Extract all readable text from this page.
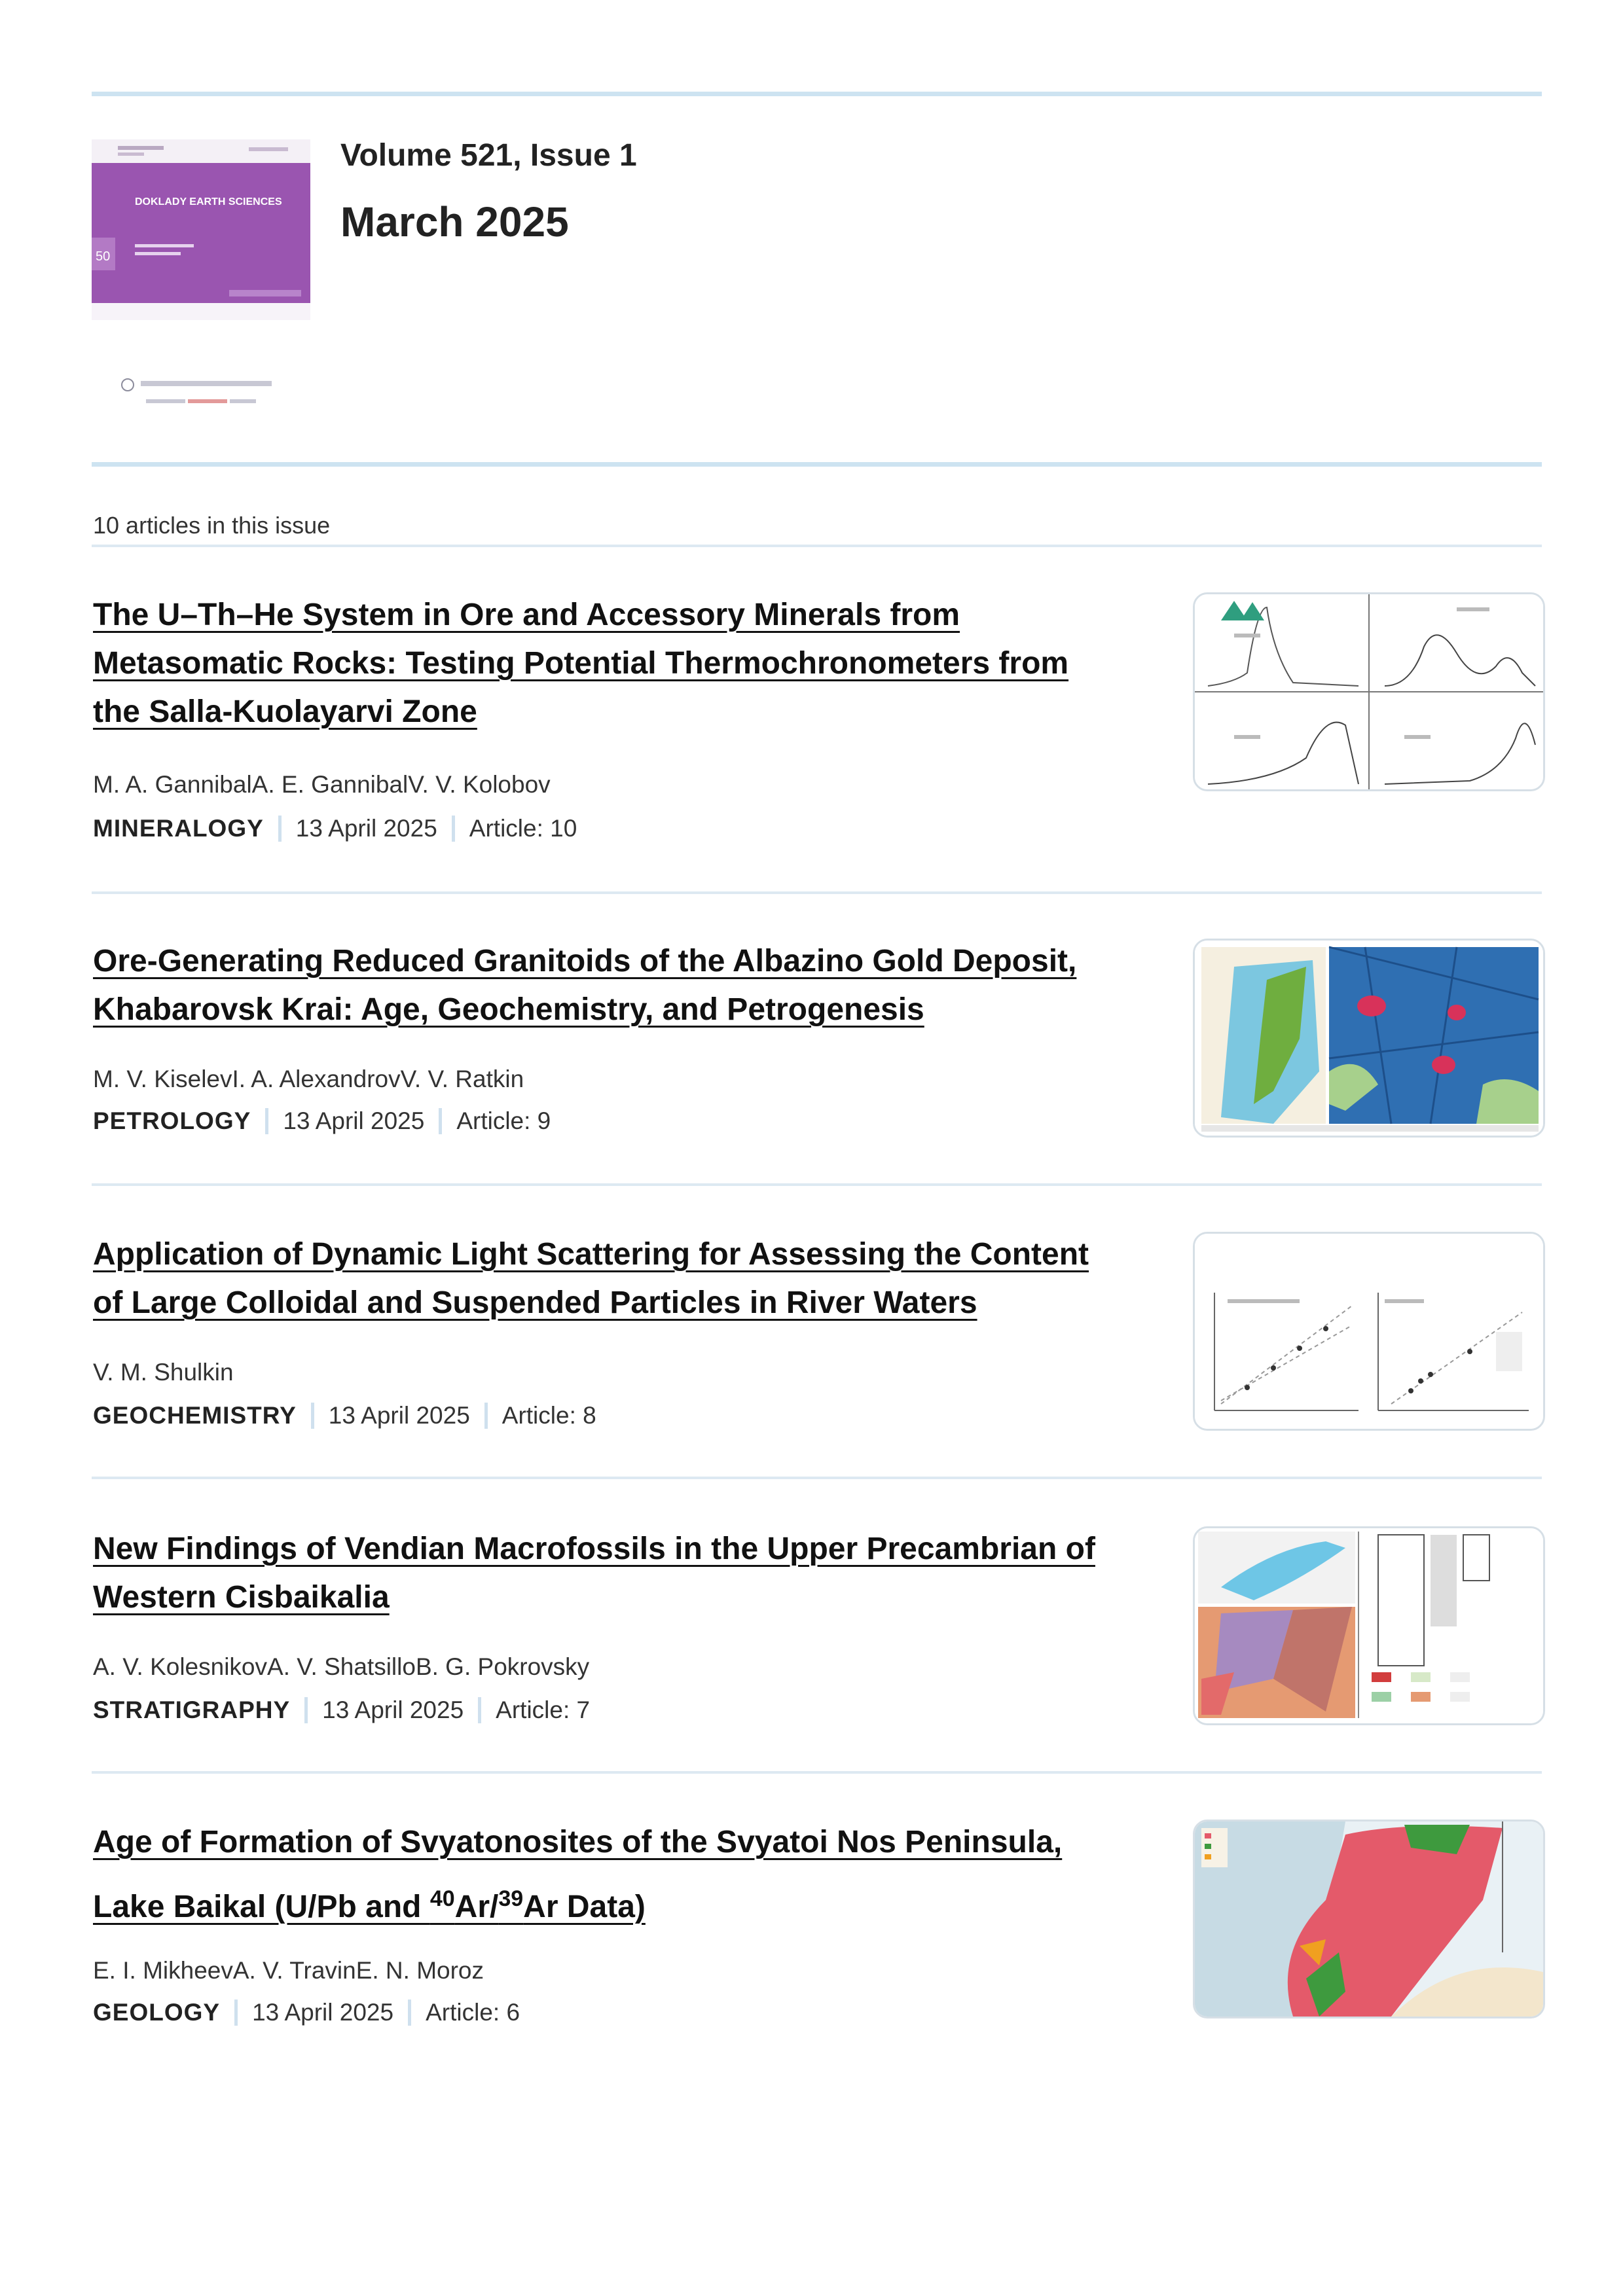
DOKLADY EARTH SCIENCES
50
Volume 521, Issue 1
March 2025
10 articles in this issue
The U–Th–He System in Ore and Accessory Minerals from
Metasomatic Rocks: Testing Potential Thermochronometers from
the Salla-Kuolayarvi Zone
M. A. GannibalA. E. GannibalV. V. Kolobov
MINERALOGY 13 April 2025 Article: 10
Ore-Generating Reduced Granitoids of the Albazino Gold Deposit,
Khabarovsk Krai: Age, Geochemistry, and Petrogenesis
M. V. KiselevI. A. AlexandrovV. V. Ratkin
PETROLOGY 13 April 2025 Article: 9
Application of Dynamic Light Scattering for Assessing the Content
of Large Colloidal and Suspended Particles in River Waters
V. M. Shulkin
GEOCHEMISTRY 13 April 2025 Article: 8
New Findings of Vendian Macrofossils in the Upper Precambrian of
Western Cisbaikalia
A. V. KolesnikovA. V. ShatsilloB. G. Pokrovsky
STRATIGRAPHY 13 April 2025 Article: 7
Age of Formation of Svyatonosites of the Svyatoi Nos Peninsula,
Lake Baikal (U/Pb and $^{40}$Ar/$^{39}$Ar Data)
E. I. MikheevA. V. TravinE. N. Moroz
GEOLOGY 13 April 2025 Article: 6
